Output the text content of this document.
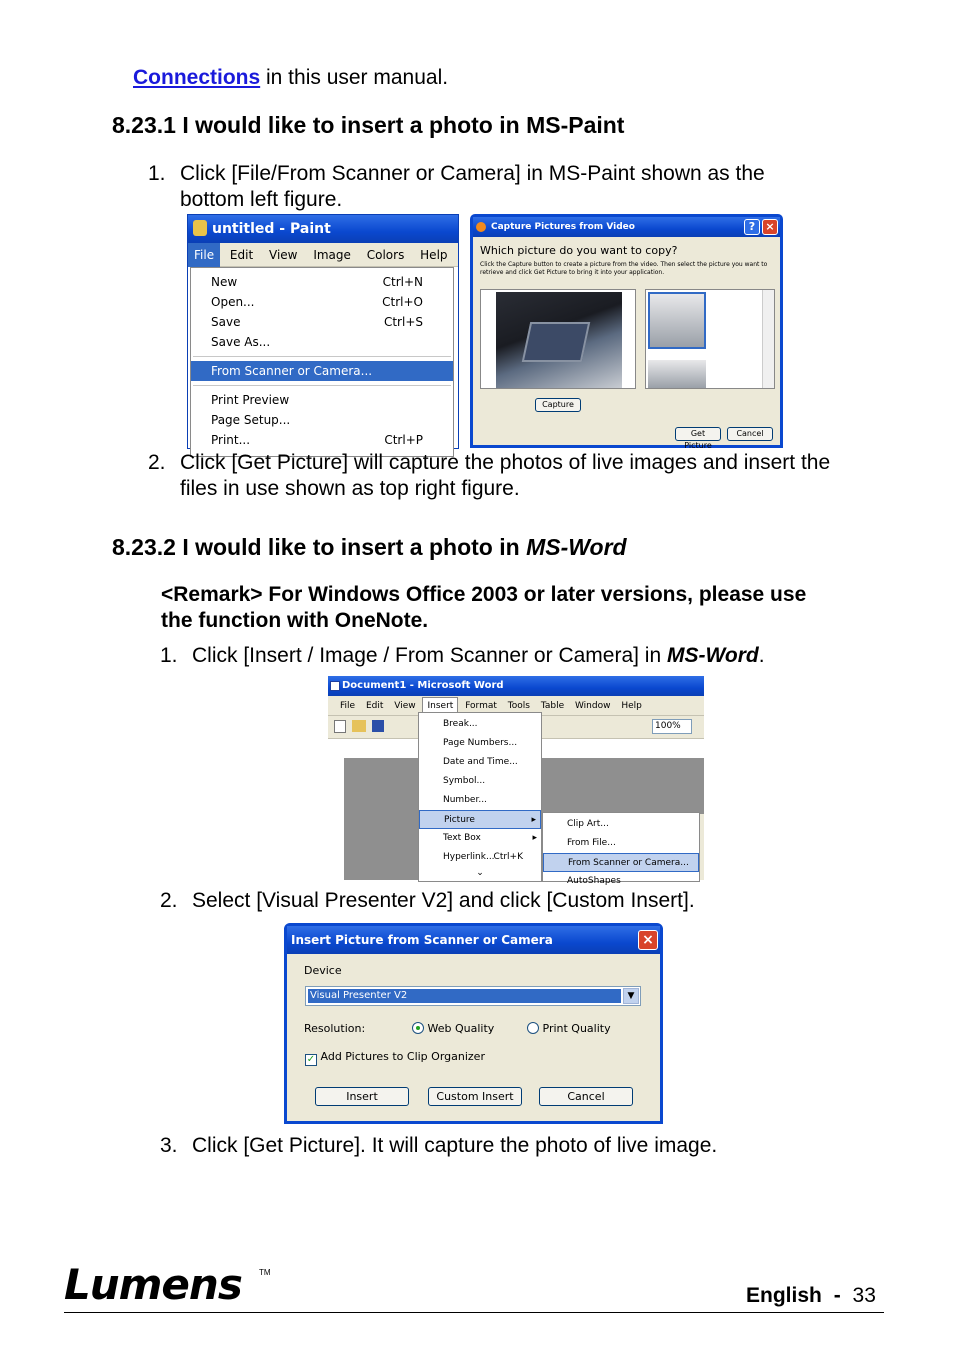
Connections in this user manual.
8.23.1 I would like to insert a photo in MS-Paint
1. Click [File/From Scanner or Camera] in MS-Paint shown as the
bottom left figure.
untitled - Paint
File Edit View Image Colors Help
New	Ctrl+N
Open...	Ctrl+O
Save	Ctrl+S
Save As...
From Scanner or Camera...
Print Preview
Page Setup...
Print...	Ctrl+P
Capture Pictures from Video	? ×
Which picture do you want to copy?
Click the Capture button to create a picture from the video. Then select the picture you want to
retrieve and click Get Picture to bring it into your application.
Capture
Get Picture
Cancel
2. Click [Get Picture] will capture the photos of live images and insert the
files in use shown as top right figure.
8.23.2 I would like to insert a photo in MS-Word
<Remark> For Windows Office 2003 or later versions, please use
the function with OneNote.
1. Click [Insert / Image / From Scanner or Camera] in MS-Word.
Document1 - Microsoft Word
File Edit View Insert Format Tools Table Window Help
100%
Break...
Page Numbers...
Date and Time...
Symbol...
Number...
Picture	▸
Text Box	▸
Hyperlink...
Ctrl+K
⌄
Clip Art...
From File...
From Scanner or Camera...
AutoShapes
2. Select [Visual Presenter V2] and click [Custom Insert].
Insert Picture from Scanner or Camera	×
Device
Visual Presenter V2	▼
Resolution:	Web Quality	Print Quality
✓ Add Pictures to Clip Organizer
Insert	Custom Insert	Cancel
3. Click [Get Picture]. It will capture the photo of live image.
Lumens TM
English - 33
